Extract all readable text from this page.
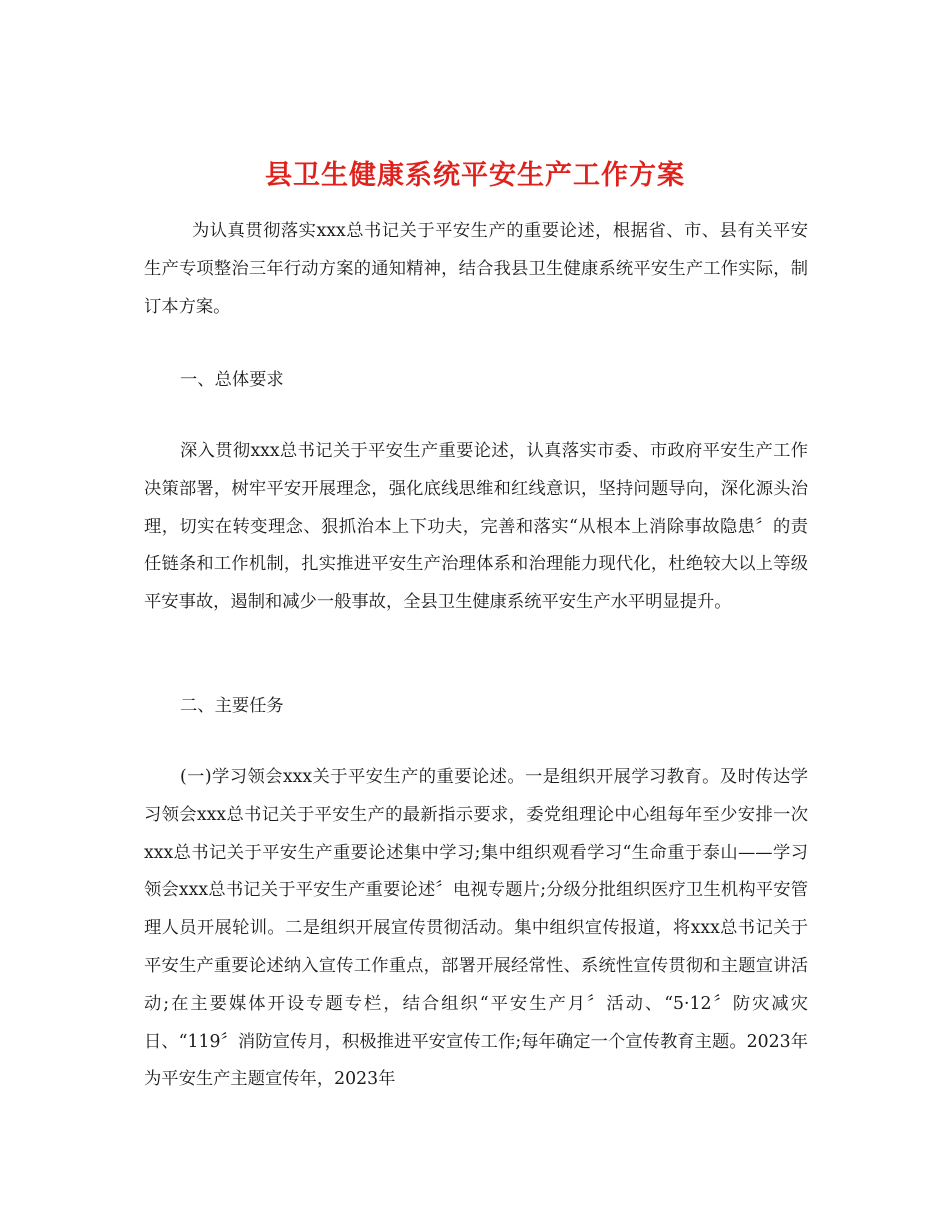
县卫生健康系统平安生产工作方案

为认真贯彻落实xxx总书记关于平安生产的重要论述，根据省、市、县有关平安生产专项整治三年行动方案的通知精神，结合我县卫生健康系统平安生产工作实际，制订本方案。

一、总体要求

深入贯彻xxx总书记关于平安生产重要论述，认真落实市委、市政府平安生产工作决策部署，树牢平安开展理念，强化底线思维和红线意识，坚持问题导向，深化源头治理，切实在转变理念、狠抓治本上下功夫，完善和落实“从根本上消除事故隐患〞的责任链条和工作机制，扎实推进平安生产治理体系和治理能力现代化，杜绝较大以上等级平安事故，遏制和减少一般事故，全县卫生健康系统平安生产水平明显提升。

二、主要任务

(一)学习领会xxx关于平安生产的重要论述。一是组织开展学习教育。及时传达学习领会xxx总书记关于平安生产的最新指示要求，委党组理论中心组每年至少安排一次xxx总书记关于平安生产重要论述集中学习;集中组织观看学习“生命重于泰山——学习领会xxx总书记关于平安生产重要论述〞电视专题片;分级分批组织医疗卫生机构平安管理人员开展轮训。二是组织开展宣传贯彻活动。集中组织宣传报道，将xxx总书记关于平安生产重要论述纳入宣传工作重点，部署开展经常性、系统性宣传贯彻和主题宣讲活动;在主要媒体开设专题专栏，结合组织“平安生产月〞活动、“5·12〞防灾减灾日、“119〞消防宣传月，积极推进平安宣传工作;每年确定一个宣传教育主题。2023年为平安生产主题宣传年，2023年
